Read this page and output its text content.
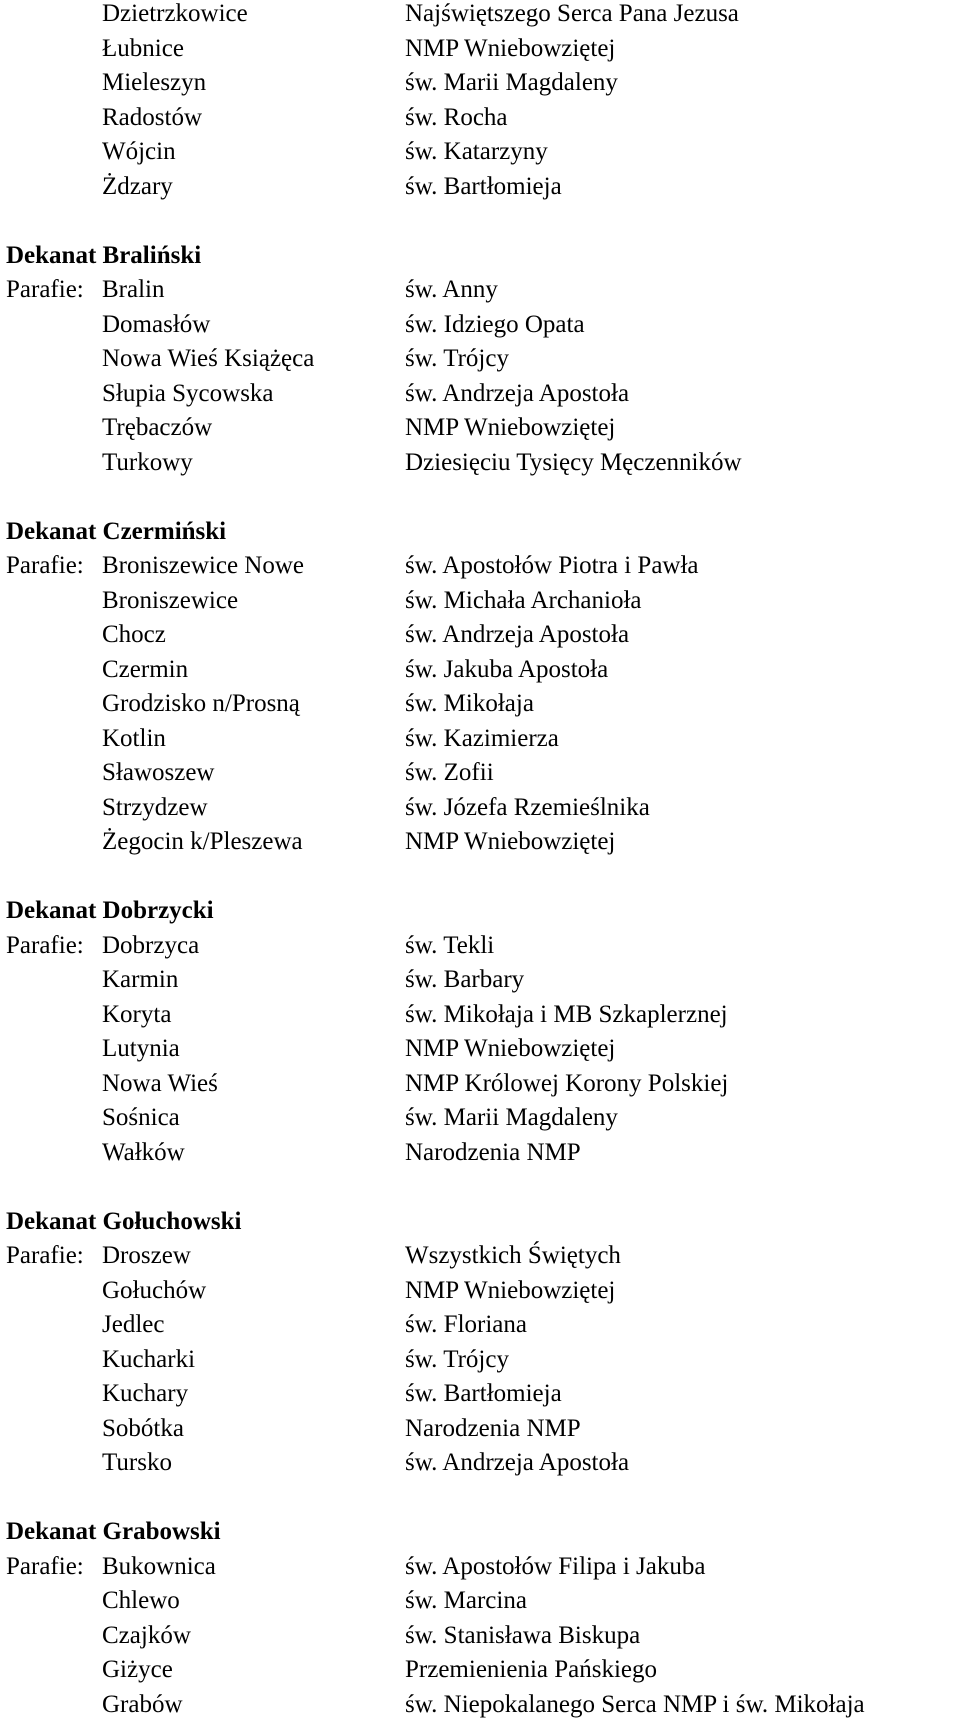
Dzietrzkowice	Najświętszego Serca Pana Jezusa
Łubnice	NMP Wniebowziętej
Mieleszyn	św. Marii Magdaleny
Radostów	św. Rocha
Wójcin	św. Katarzyny
Żdzary	św. Bartłomieja
Dekanat Braliński
Parafie: Bralin	św. Anny
Domasłów	św. Idziego Opata
Nowa Wieś Książęca	św. Trójcy
Słupia Sycowska	św. Andrzeja Apostoła
Trębaczów	NMP Wniebowziętej
Turkowy	Dziesięciu Tysięcy Męczenników
Dekanat Czermiński
Parafie: Broniszewice Nowe	św. Apostołów Piotra i Pawła
Broniszewice	św. Michała Archanioła
Chocz	św. Andrzeja Apostoła
Czermin	św. Jakuba Apostoła
Grodzisko n/Prosną	św. Mikołaja
Kotlin	św. Kazimierza
Sławoszew	św. Zofii
Strzydzew	św. Józefa Rzemieślnika
Żegocin k/Pleszewa	NMP Wniebowziętej
Dekanat Dobrzycki
Parafie: Dobrzyca	św. Tekli
Karmin	św. Barbary
Koryta	św. Mikołaja i MB Szkaplerznej
Lutynia	NMP Wniebowziętej
Nowa Wieś	NMP Królowej Korony Polskiej
Sośnica	św. Marii Magdaleny
Wałków	Narodzenia NMP
Dekanat Gołuchowski
Parafie: Droszew	Wszystkich Świętych
Gołuchów	NMP Wniebowziętej
Jedlec	św. Floriana
Kucharki	św. Trójcy
Kuchary	św. Bartłomieja
Sobótka	Narodzenia NMP
Tursko	św. Andrzeja Apostoła
Dekanat Grabowski
Parafie: Bukownica	św. Apostołów Filipa i Jakuba
Chlewo	św. Marcina
Czajków	św. Stanisława Biskupa
Giżyce	Przemienienia Pańskiego
Grabów	św. Niepokalanego Serca NMP i św. Mikołaja
